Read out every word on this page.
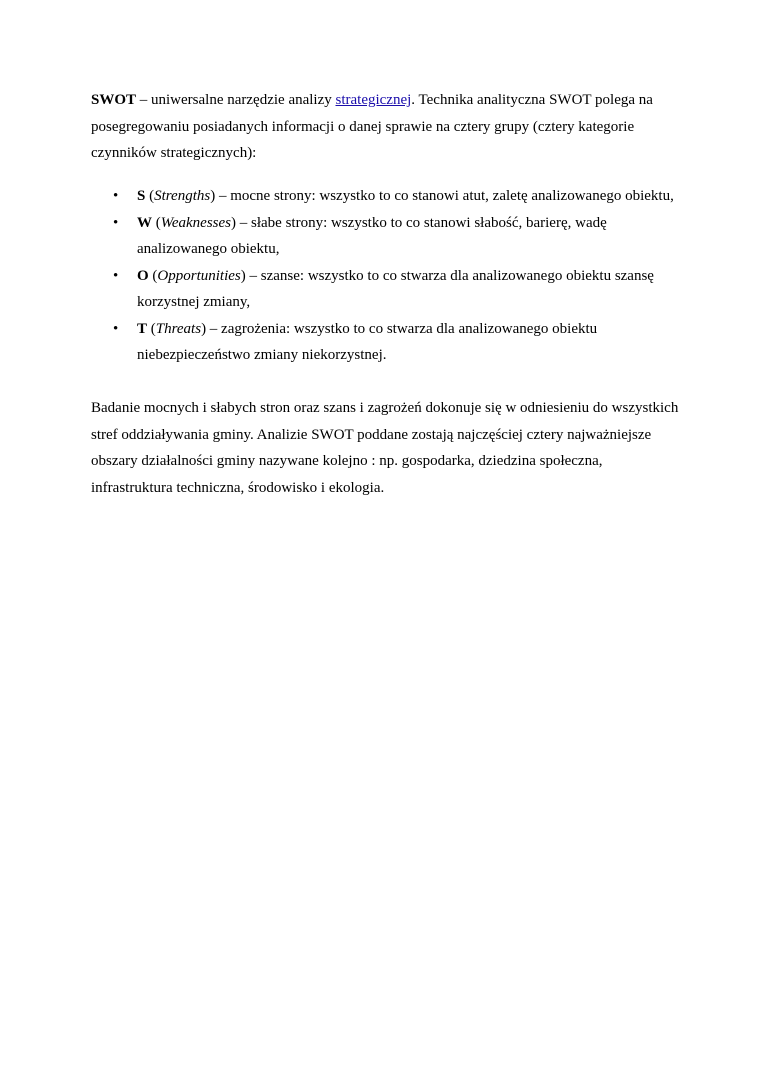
SWOT – uniwersalne narzędzie analizy strategicznej. Technika analityczna SWOT polega na posegregowaniu posiadanych informacji o danej sprawie na cztery grupy (cztery kategorie czynników strategicznych):

• S (Strengths) – mocne strony: wszystko to co stanowi atut, zaletę analizowanego obiektu,
• W (Weaknesses) – słabe strony: wszystko to co stanowi słabość, barierę, wadę analizowanego obiektu,
• O (Opportunities) – szanse: wszystko to co stwarza dla analizowanego obiektu szansę korzystnej zmiany,
• T (Threats) – zagrożenia: wszystko to co stwarza dla analizowanego obiektu niebezpieczeństwo zmiany niekorzystnej.

Badanie mocnych i słabych stron oraz szans i zagrożeń dokonuje się w odniesieniu do wszystkich stref oddziaływania gminy. Analizie SWOT poddane zostają najczęściej cztery najważniejsze obszary działalności gminy nazywane kolejno : np. gospodarka, dziedzina społeczna, infrastruktura techniczna, środowisko i ekologia.
